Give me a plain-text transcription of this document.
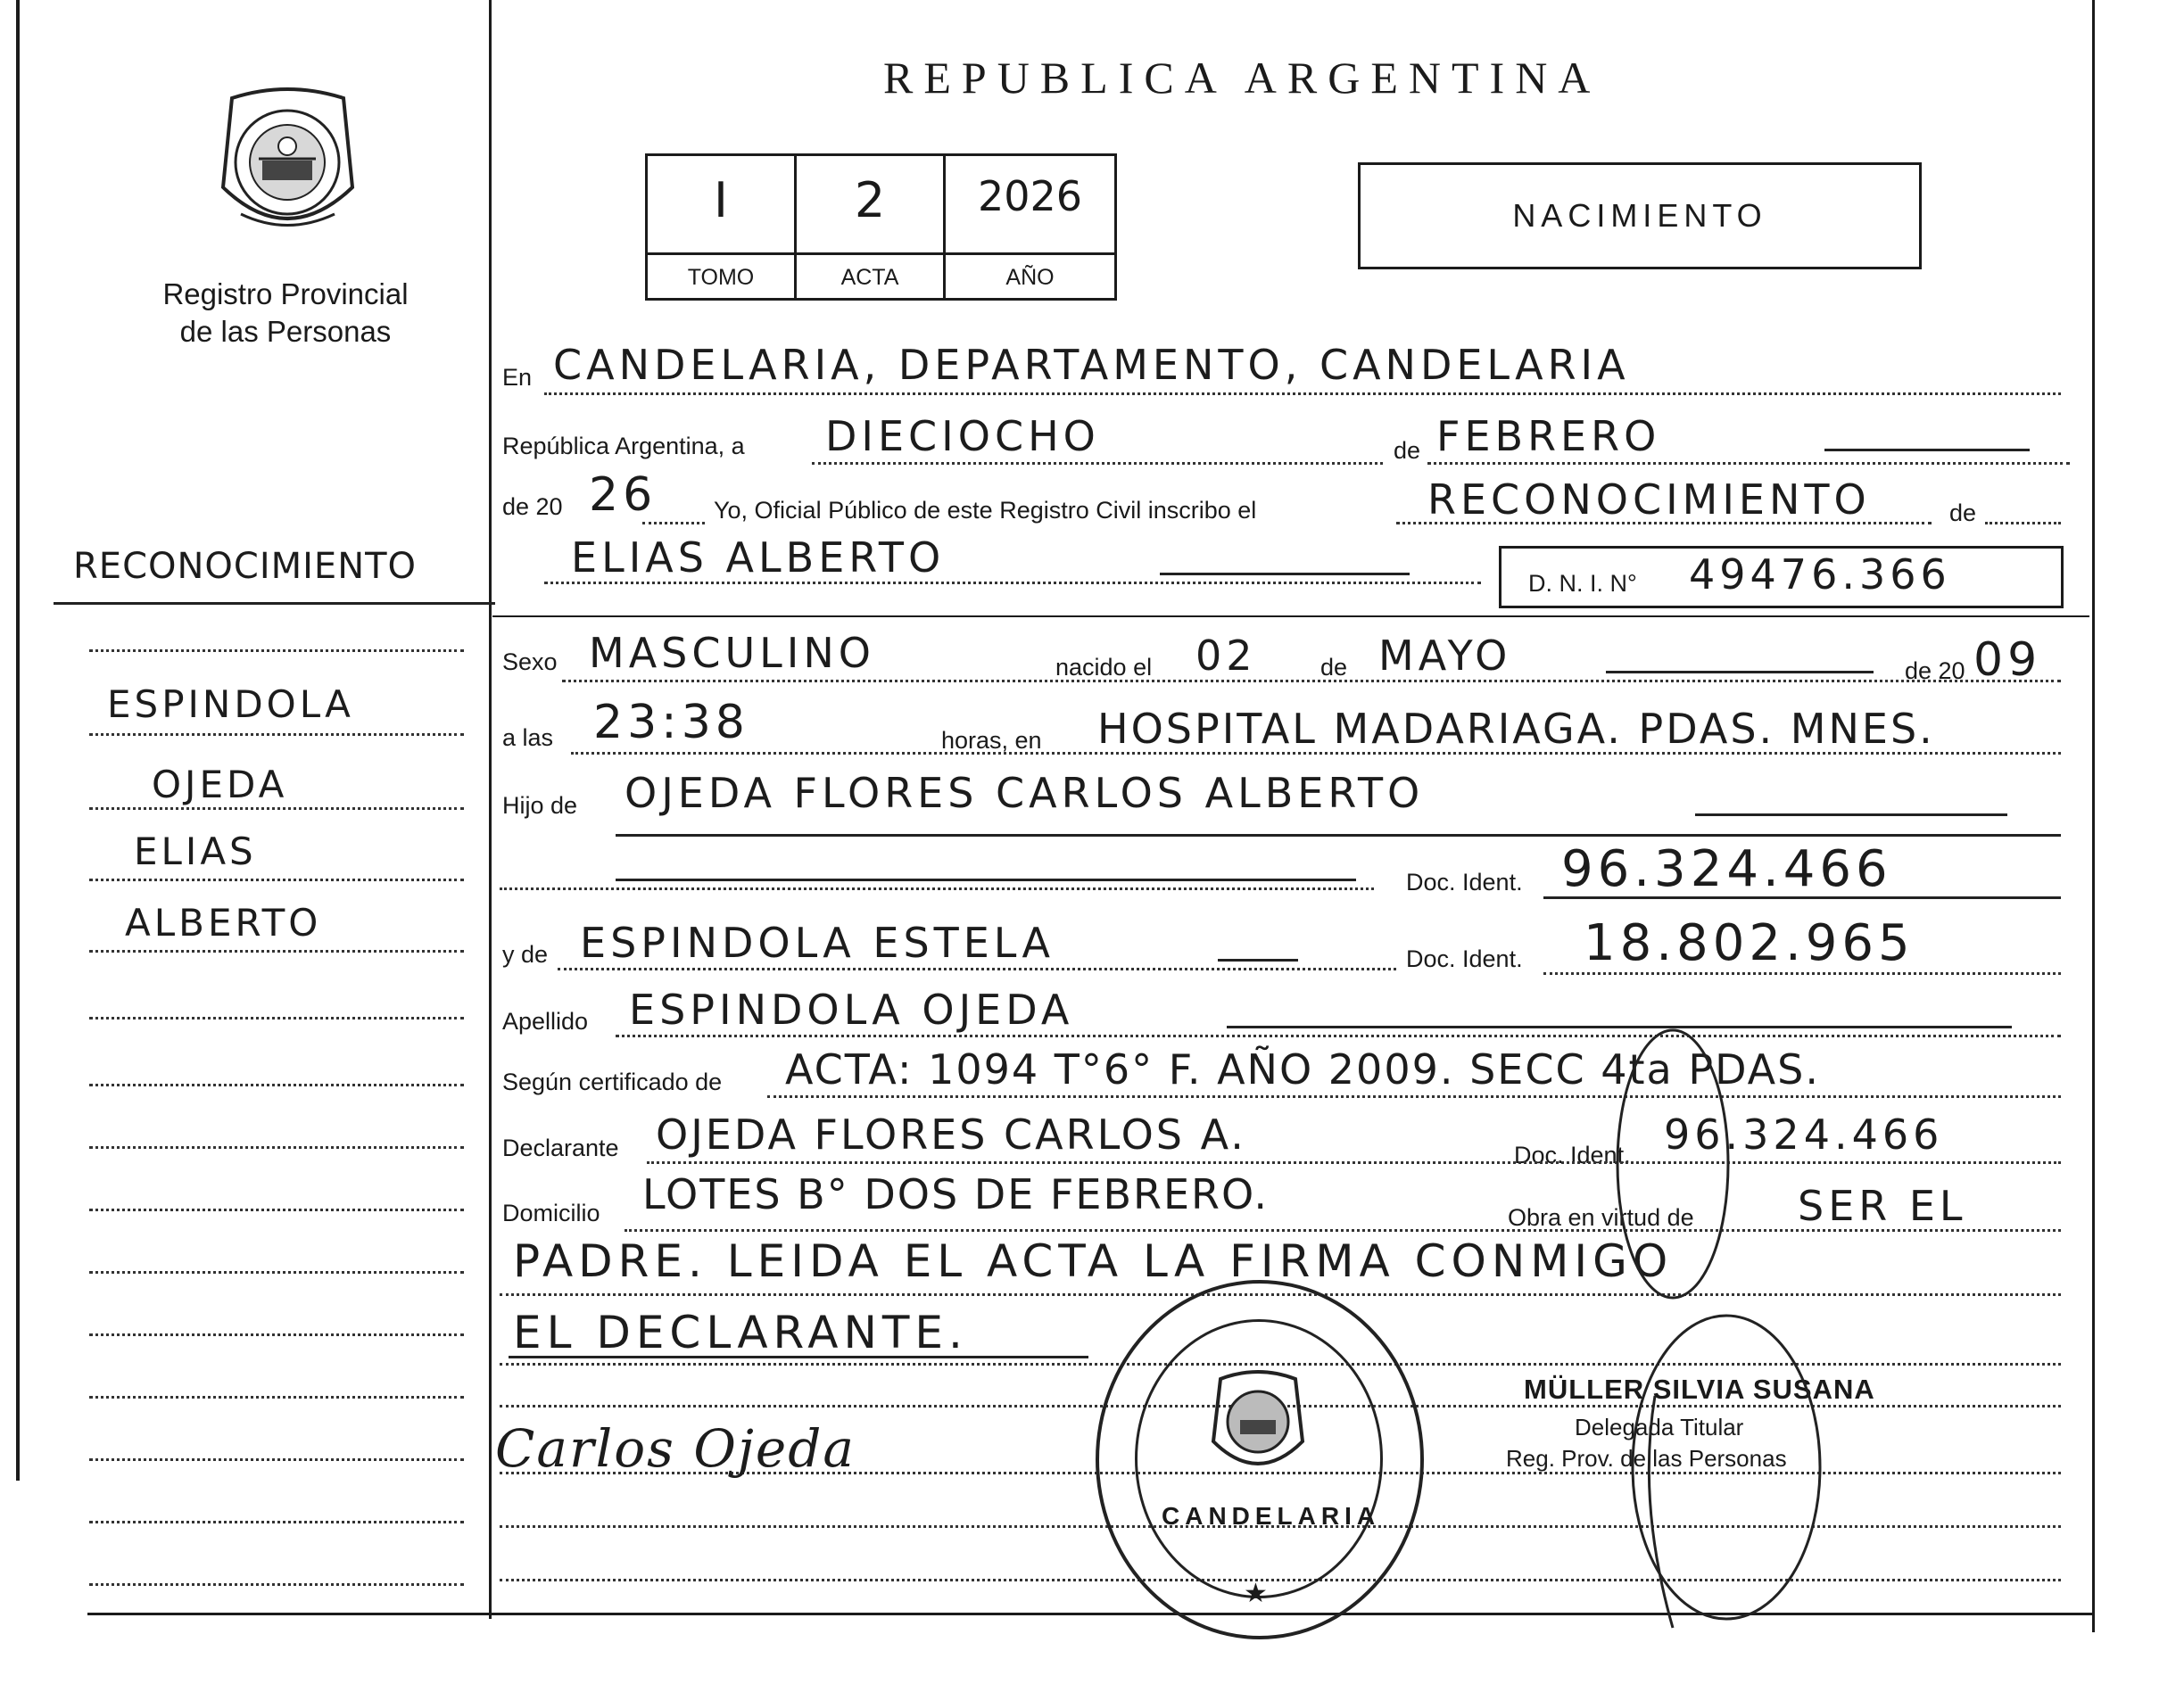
Registro Provincial
de las Personas
REPUBLICA ARGENTINA
I
TOMO
2
ACTA
2026
AÑO
NACIMIENTO
RECONOCIMIENTO
ESPINDOLA
OJEDA
ELIAS
ALBERTO
En CANDELARIA, DEPARTAMENTO, CANDELARIA
República Argentina, a DIECIOCHO	de FEBRERO
de 20 26 Yo, Oficial Público de este Registro Civil inscribo el	RECONOCIMIENTO	de
ELIAS ALBERTO
D. N. I. N° 49476.366
Sexo MASCULINO	nacido el 02	de MAYO	de 20 09
a las 23:38	horas, en HOSPITAL MADARIAGA. PDAS. MNES.
Hijo de OJEDA FLORES CARLOS ALBERTO
Doc. Ident. 96.324.466
y de ESPINDOLA ESTELA	Doc. Ident. 18.802.965
Apellido ESPINDOLA OJEDA
Según certificado de ACTA: 1094 T°6° F. AÑO 2009. SECC 4ta PDAS.
Declarante OJEDA FLORES CARLOS A.	Doc. Ident. 96.324.466
Domicilio LOTES B° DOS DE FEBRERO.	Obra en virtud de	SER EL
PADRE. LEIDA EL ACTA LA FIRMA CONMIGO
EL DECLARANTE.
Carlos Ojeda
CANDELARIA
★
MÜLLER SILVIA SUSANA
Delegada Titular
Reg. Prov. de las Personas
